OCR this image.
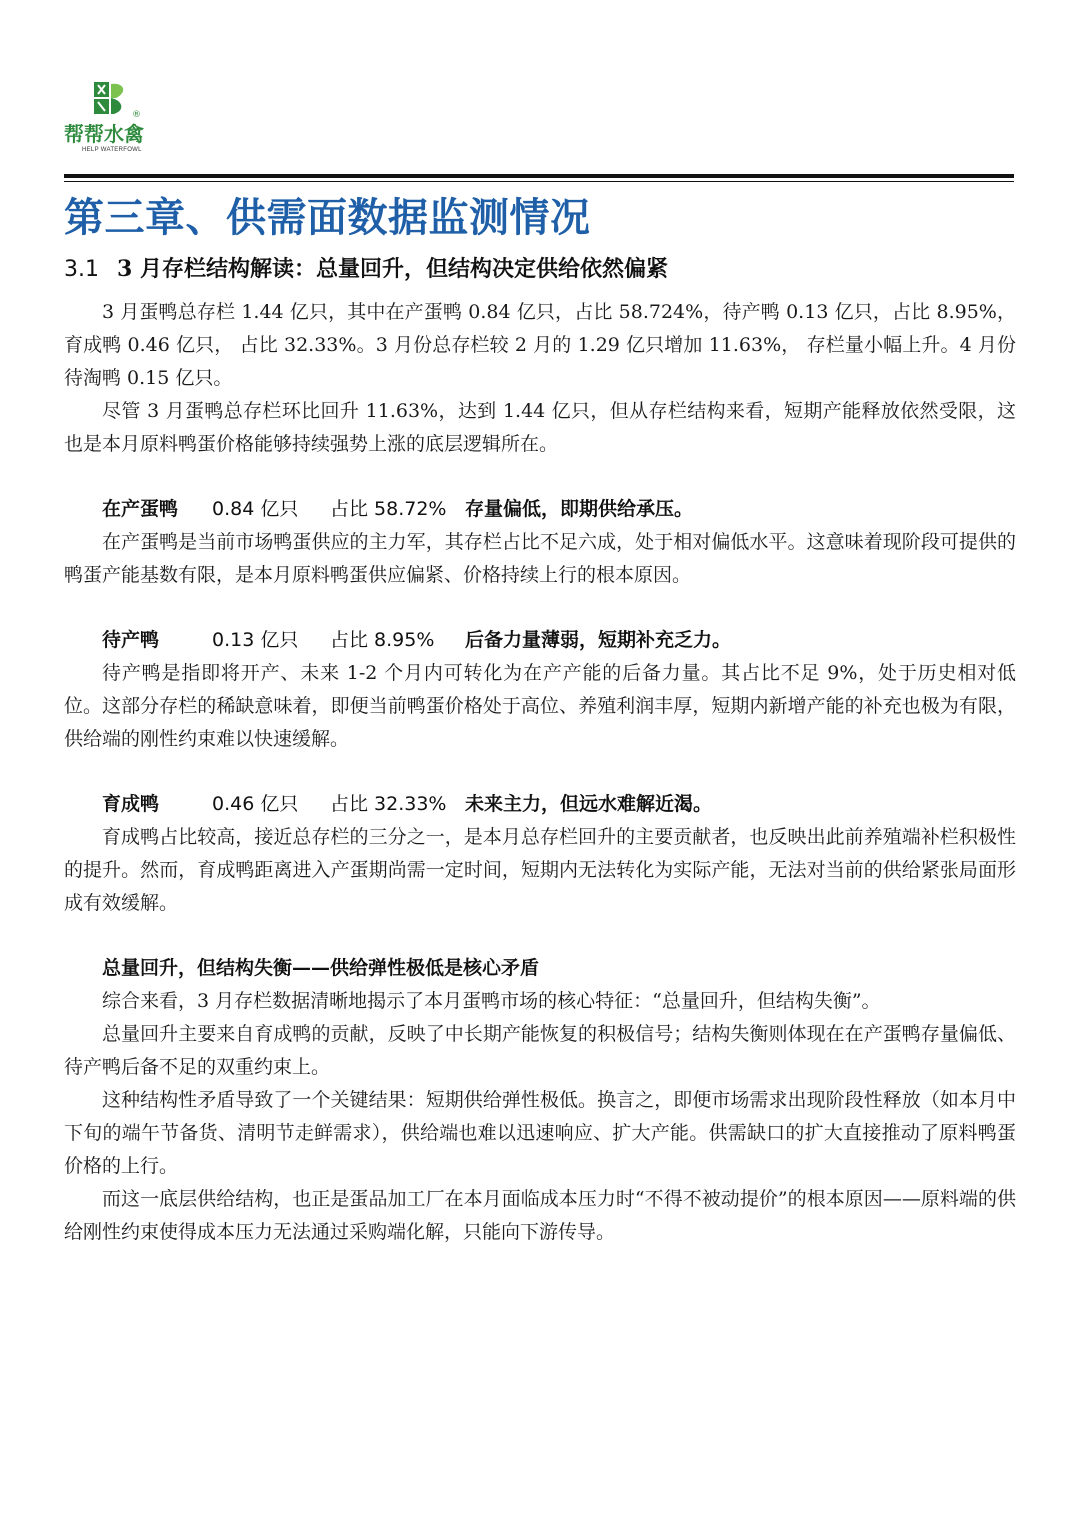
帮帮水禽
®
HELP WATERFOWL
第三章、供需面数据监测情况
3.1 3 月存栏结构解读：总量回升，但结构决定供给依然偏紧

3 月蛋鸭总存栏 1.44 亿只，其中在产蛋鸭 0.84 亿只，占比 58.724%，待产鸭 0.13 亿只，占比 8.95%，育成鸭 0.46 亿只， 占比 32.33%。3 月份总存栏较 2 月的 1.29 亿只增加 11.63%， 存栏量小幅上升。4 月份待淘鸭 0.15 亿只。

尽管 3 月蛋鸭总存栏环比回升 11.63%，达到 1.44 亿只，但从存栏结构来看，短期产能释放依然受限，这也是本月原料鸭蛋价格能够持续强势上涨的底层逻辑所在。

在产蛋鸭 0.84 亿只 占比 58.72% 存量偏低，即期供给承压。

在产蛋鸭是当前市场鸭蛋供应的主力军，其存栏占比不足六成，处于相对偏低水平。这意味着现阶段可提供的鸭蛋产能基数有限，是本月原料鸭蛋供应偏紧、价格持续上行的根本原因。

待产鸭	0.13 亿只 占比 8.95% 后备力量薄弱，短期补充乏力。

待产鸭是指即将开产、未来 1-2 个月内可转化为在产产能的后备力量。其占比不足 9%，处于历史相对低位。这部分存栏的稀缺意味着，即便当前鸭蛋价格处于高位、养殖利润丰厚，短期内新增产能的补充也极为有限，供给端的刚性约束难以快速缓解。

育成鸭	0.46 亿只 占比 32.33% 未来主力，但远水难解近渴。

育成鸭占比较高，接近总存栏的三分之一，是本月总存栏回升的主要贡献者，也反映出此前养殖端补栏积极性的提升。然而，育成鸭距离进入产蛋期尚需一定时间，短期内无法转化为实际产能，无法对当前的供给紧张局面形成有效缓解。

总量回升，但结构失衡——供给弹性极低是核心矛盾

综合来看，3 月存栏数据清晰地揭示了本月蛋鸭市场的核心特征：“总量回升，但结构失衡”。

总量回升主要来自育成鸭的贡献，反映了中长期产能恢复的积极信号；结构失衡则体现在在产蛋鸭存量偏低、待产鸭后备不足的双重约束上。

这种结构性矛盾导致了一个关键结果：短期供给弹性极低。换言之，即便市场需求出现阶段性释放（如本月中下旬的端午节备货、清明节走鲜需求），供给端也难以迅速响应、扩大产能。供需缺口的扩大直接推动了原料鸭蛋价格的上行。

而这一底层供给结构，也正是蛋品加工厂在本月面临成本压力时“不得不被动提价”的根本原因——原料端的供给刚性约束使得成本压力无法通过采购端化解，只能向下游传导。
